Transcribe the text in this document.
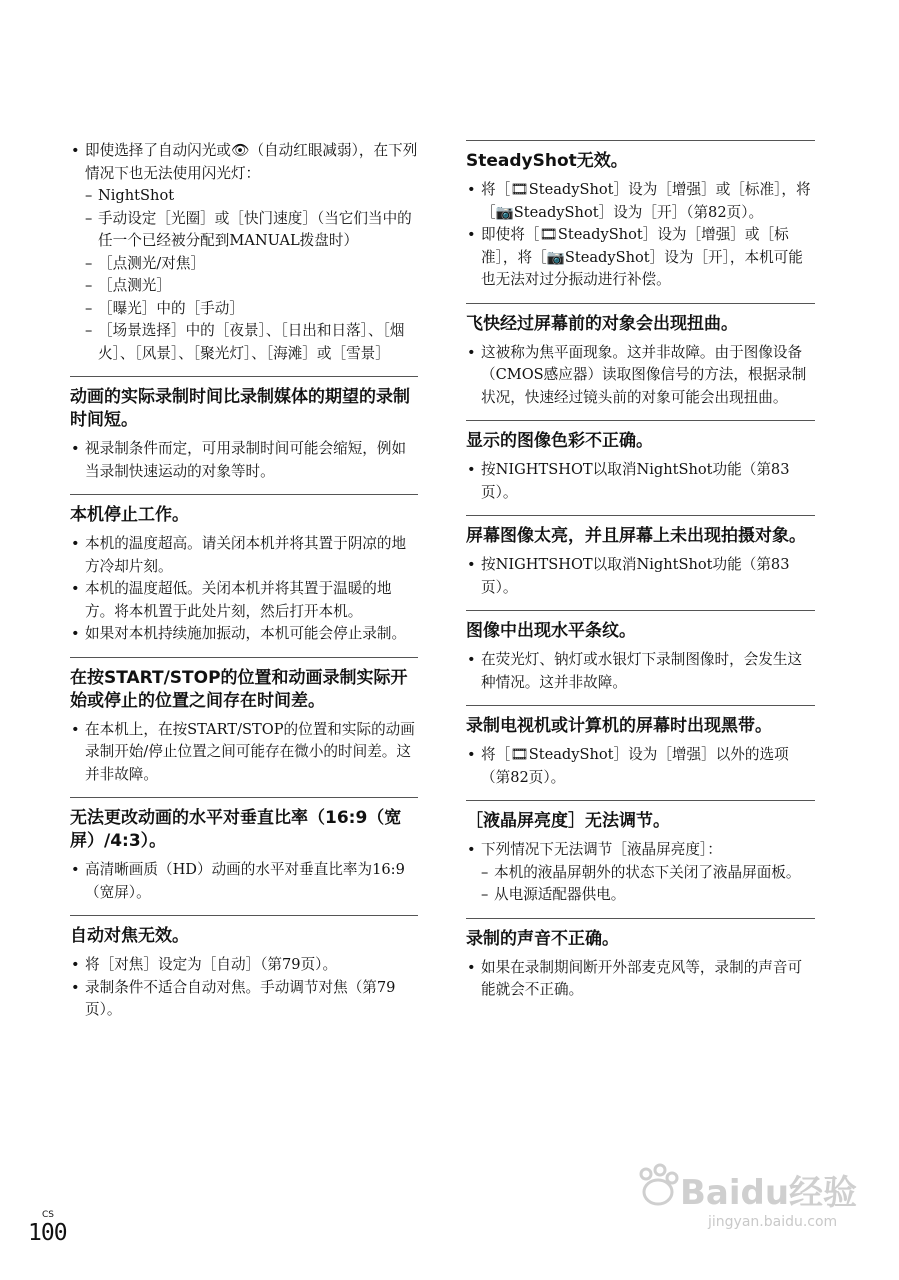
• 即使选择了自动闪光或👁（自动红眼减弱），在下列情况下也无法使用闪光灯：
– NightShot
– 手动设定［光圈］或［快门速度］（当它们当中的任一个已经被分配到MANUAL拨盘时）
– ［点测光/对焦］
– ［点测光］
– ［曝光］中的［手动］
– ［场景选择］中的［夜景］、［日出和日落］、［烟火］、［风景］、［聚光灯］、［海滩］或［雪景］
动画的实际录制时间比录制媒体的期望的录制时间短。
• 视录制条件而定，可用录制时间可能会缩短，例如当录制快速运动的对象等时。
本机停止工作。
• 本机的温度超高。请关闭本机并将其置于阴凉的地方冷却片刻。
• 本机的温度超低。关闭本机并将其置于温暖的地方。将本机置于此处片刻，然后打开本机。
• 如果对本机持续施加振动，本机可能会停止录制。
在按START/STOP的位置和动画录制实际开始或停止的位置之间存在时间差。
• 在本机上，在按START/STOP的位置和实际的动画录制开始/停止位置之间可能存在微小的时间差。这并非故障。
无法更改动画的水平对垂直比率（16:9（宽屏）/4:3）。
• 高清晰画质（HD）动画的水平对垂直比率为16:9（宽屏）。
自动对焦无效。
• 将［对焦］设定为［自动］（第79页）。
• 录制条件不适合自动对焦。手动调节对焦（第79页）。
SteadyShot无效。
• 将［🎞SteadyShot］设为［增强］或［标准］，将［📷SteadyShot］设为［开］（第82页）。
• 即使将［🎞SteadyShot］设为［增强］或［标准］，将［📷SteadyShot］设为［开］，本机可能也无法对过分振动进行补偿。
飞快经过屏幕前的对象会出现扭曲。
• 这被称为焦平面现象。这并非故障。由于图像设备（CMOS感应器）读取图像信号的方法，根据录制状况，快速经过镜头前的对象可能会出现扭曲。
显示的图像色彩不正确。
• 按NIGHTSHOT以取消NightShot功能（第83页）。
屏幕图像太亮，并且屏幕上未出现拍摄对象。
• 按NIGHTSHOT以取消NightShot功能（第83页）。
图像中出现水平条纹。
• 在荧光灯、钠灯或水银灯下录制图像时，会发生这种情况。这并非故障。
录制电视机或计算机的屏幕时出现黑带。
• 将［🎞SteadyShot］设为［增强］以外的选项（第82页）。
［液晶屏亮度］无法调节。
• 下列情况下无法调节［液晶屏亮度］：
– 本机的液晶屏朝外的状态下关闭了液晶屏面板。
– 从电源适配器供电。
录制的声音不正确。
• 如果在录制期间断开外部麦克风等，录制的声音可能就会不正确。
CS
100
Baidu经验
jingyan.baidu.com
